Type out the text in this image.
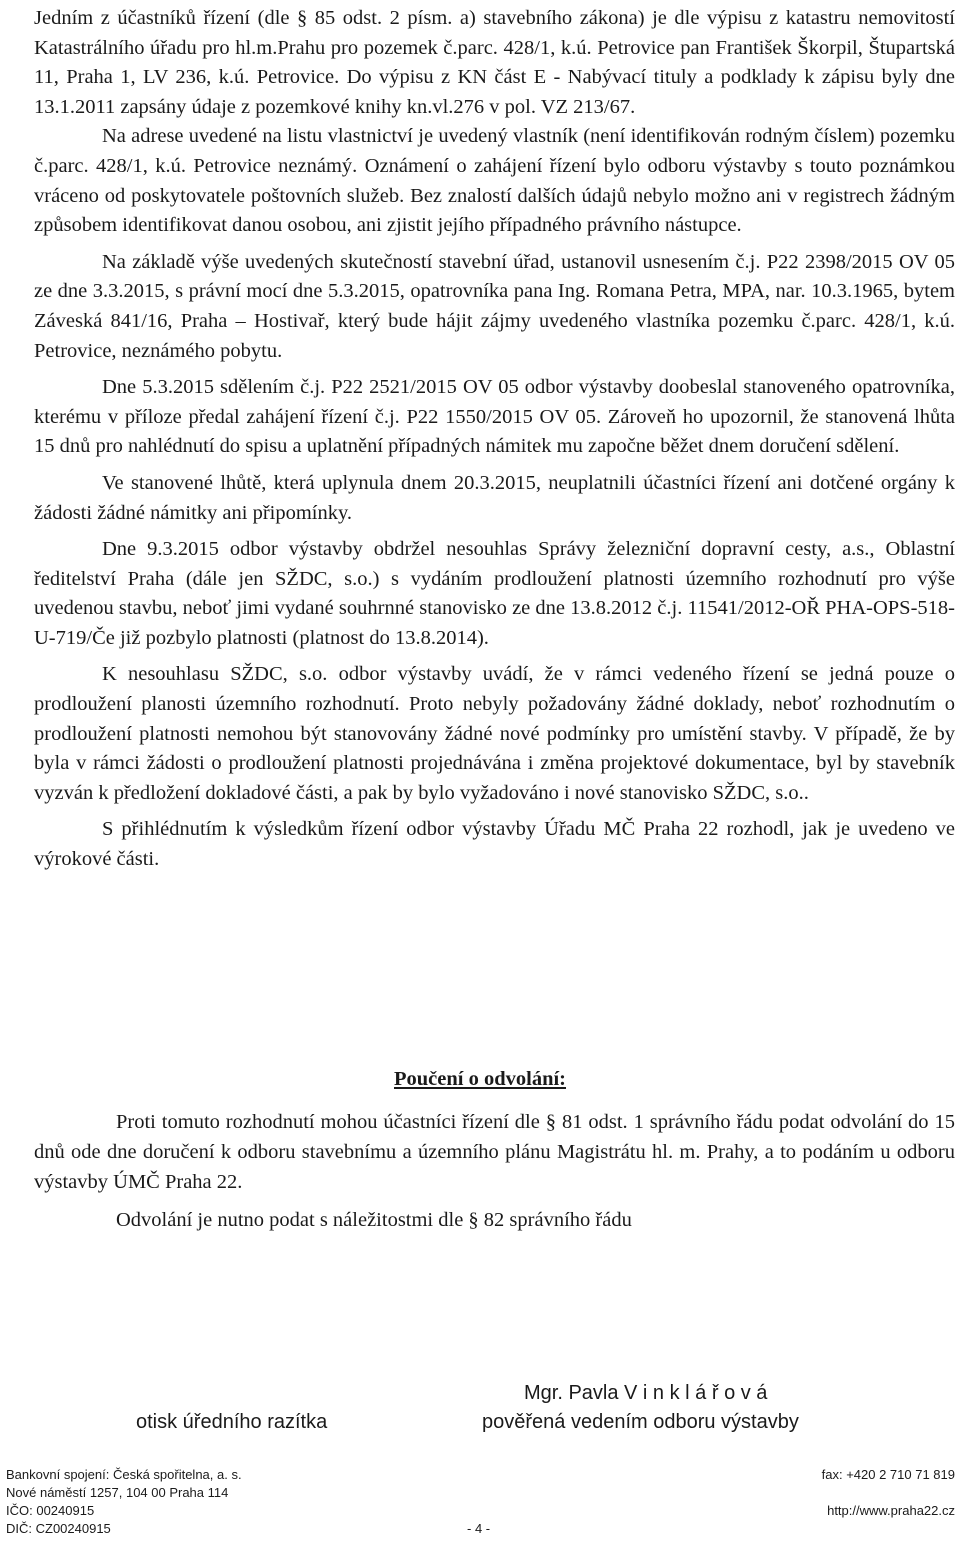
Jedním z účastníků řízení (dle § 85 odst. 2 písm. a) stavebního zákona) je dle výpisu z katastru nemovitostí Katastrálního úřadu pro hl.m.Prahu pro pozemek č.parc. 428/1, k.ú. Petrovice pan František Škorpil, Štupartská 11, Praha 1, LV 236, k.ú. Petrovice. Do výpisu z KN část E - Nabývací tituly a podklady k zápisu byly dne 13.1.2011 zapsány údaje z pozemkové knihy kn.vl.276 v pol. VZ 213/67.

Na adrese uvedené na listu vlastnictví je uvedený vlastník (není identifikován rodným číslem) pozemku č.parc. 428/1, k.ú. Petrovice neznámý. Oznámení o zahájení řízení bylo odboru výstavby s touto poznámkou vráceno od poskytovatele poštovních služeb. Bez znalostí dalších údajů nebylo možno ani v registrech žádným způsobem identifikovat danou osobou, ani zjistit jejího případného právního nástupce.

Na základě výše uvedených skutečností stavební úřad, ustanovil usnesením č.j. P22 2398/2015 OV 05 ze dne 3.3.2015, s právní mocí dne 5.3.2015, opatrovníka pana Ing. Romana Petra, MPA, nar. 10.3.1965, bytem Záveská 841/16, Praha – Hostivař, který bude hájit zájmy uvedeného vlastníka pozemku č.parc. 428/1, k.ú. Petrovice, neznámého pobytu.

Dne 5.3.2015 sdělením č.j. P22 2521/2015 OV 05 odbor výstavby doobeslal stanoveného opatrovníka, kterému v příloze předal zahájení řízení č.j. P22 1550/2015 OV 05. Zároveň ho upozornil, že stanovená lhůta 15 dnů pro nahlédnutí do spisu a uplatnění případných námitek mu započne běžet dnem doručení sdělení.

Ve stanovené lhůtě, která uplynula dnem 20.3.2015, neuplatnili účastníci řízení ani dotčené orgány k žádosti žádné námitky ani připomínky.

Dne 9.3.2015 odbor výstavby obdržel nesouhlas Správy železniční dopravní cesty, a.s., Oblastní ředitelství Praha (dále jen SŽDC, s.o.) s vydáním prodloužení platnosti územního rozhodnutí pro výše uvedenou stavbu, neboť jimi vydané souhrnné stanovisko ze dne 13.8.2012 č.j. 11541/2012-OŘ PHA-OPS-518-U-719/Če již pozbylo platnosti (platnost do 13.8.2014).

K nesouhlasu SŽDC, s.o. odbor výstavby uvádí, že v rámci vedeného řízení se jedná pouze o prodloužení planosti územního rozhodnutí. Proto nebyly požadovány žádné doklady, neboť rozhodnutím o prodloužení platnosti nemohou být stanovovány žádné nové podmínky pro umístění stavby. V případě, že by byla v rámci žádosti o prodloužení platnosti projednávána i změna projektové dokumentace, byl by stavebník vyzván k předložení dokladové části, a pak by bylo vyžadováno i nové stanovisko SŽDC, s.o..

S přihlédnutím k výsledkům řízení odbor výstavby Úřadu MČ Praha 22 rozhodl, jak je uvedeno ve výrokové části.

Poučení o odvolání:

Proti tomuto rozhodnutí mohou účastníci řízení dle § 81 odst. 1 správního řádu podat odvolání do 15 dnů ode dne doručení k odboru stavebnímu a územního plánu Magistrátu hl. m. Prahy, a to podáním u odboru výstavby ÚMČ Praha 22.

Odvolání je nutno podat s náležitostmi dle § 82 správního řádu

Mgr. Pavla V i n k l á ř o v á
otisk úředního razítka	pověřená vedením odboru výstavby
Bankovní spojení: Česká spořitelna, a. s.
Nové náměstí 1257, 104 00 Praha 114
IČO: 00240915
DIČ: CZ00240915
fax: +420 2 710 71 819
http://www.praha22.cz
- 4 -
